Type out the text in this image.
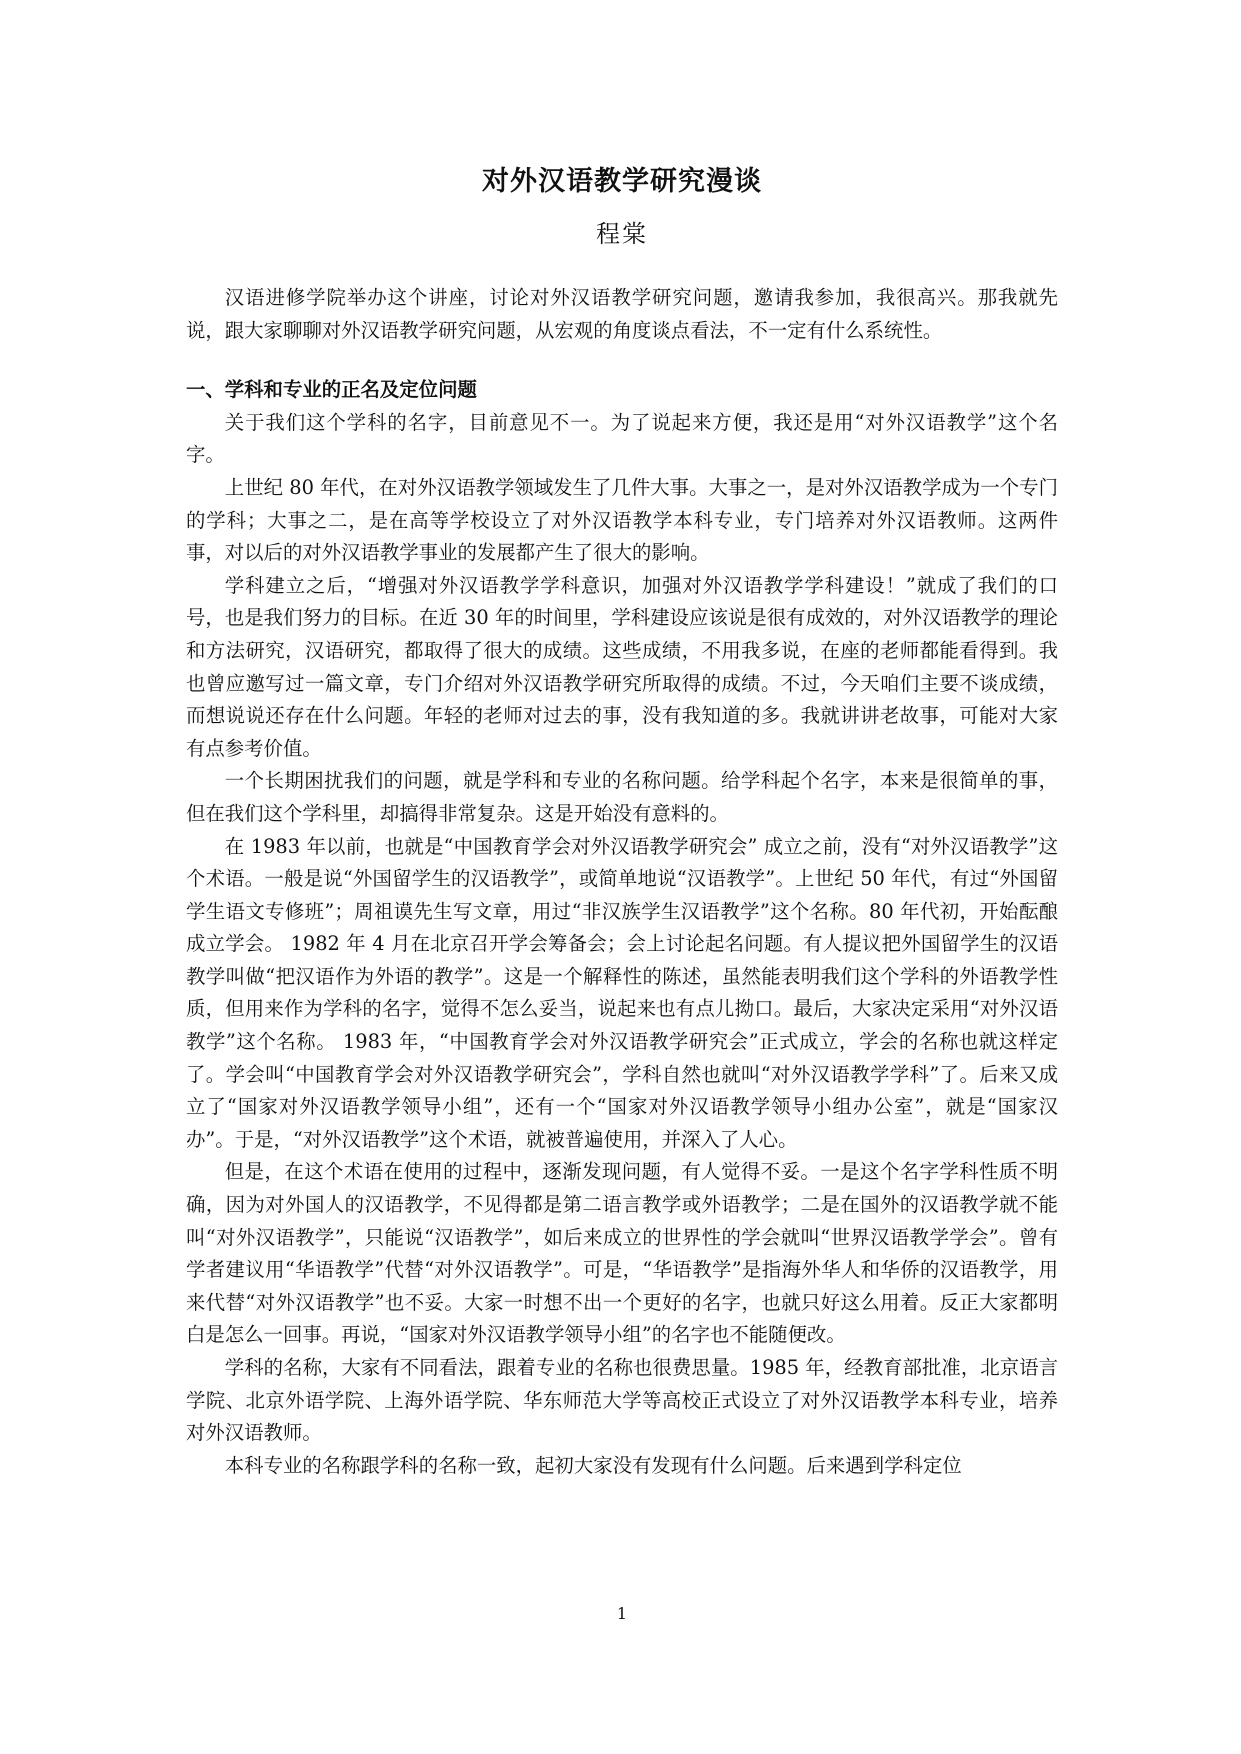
对外汉语教学研究漫谈
程棠

汉语进修学院举办这个讲座，讨论对外汉语教学研究问题，邀请我参加，我很高兴。那我就先说，跟大家聊聊对外汉语教学研究问题，从宏观的角度谈点看法，不一定有什么系统性。

一、学科和专业的正名及定位问题

关于我们这个学科的名字，目前意见不一。为了说起来方便，我还是用“对外汉语教学”这个名字。

上世纪 80 年代，在对外汉语教学领域发生了几件大事。大事之一，是对外汉语教学成为一个专门的学科；大事之二，是在高等学校设立了对外汉语教学本科专业，专门培养对外汉语教师。这两件事，对以后的对外汉语教学事业的发展都产生了很大的影响。

学科建立之后，“增强对外汉语教学学科意识，加强对外汉语教学学科建设！”就成了我们的口号，也是我们努力的目标。在近 30 年的时间里，学科建设应该说是很有成效的，对外汉语教学的理论和方法研究，汉语研究，都取得了很大的成绩。这些成绩，不用我多说，在座的老师都能看得到。我也曾应邀写过一篇文章，专门介绍对外汉语教学研究所取得的成绩。不过，今天咱们主要不谈成绩，而想说说还存在什么问题。年轻的老师对过去的事，没有我知道的多。我就讲讲老故事，可能对大家有点参考价值。

一个长期困扰我们的问题，就是学科和专业的名称问题。给学科起个名字，本来是很简单的事，但在我们这个学科里，却搞得非常复杂。这是开始没有意料的。

在 1983 年以前，也就是“中国教育学会对外汉语教学研究会” 成立之前，没有“对外汉语教学”这个术语。一般是说“外国留学生的汉语教学”，或简单地说“汉语教学”。上世纪 50 年代，有过“外国留学生语文专修班”；周祖谟先生写文章，用过“非汉族学生汉语教学”这个名称。80 年代初，开始酝酿成立学会。 1982 年 4 月在北京召开学会筹备会；会上讨论起名问题。有人提议把外国留学生的汉语教学叫做“把汉语作为外语的教学”。这是一个解释性的陈述，虽然能表明我们这个学科的外语教学性质，但用来作为学科的名字，觉得不怎么妥当，说起来也有点儿拗口。最后，大家决定采用“对外汉语教学”这个名称。 1983 年，“中国教育学会对外汉语教学研究会”正式成立，学会的名称也就这样定了。学会叫“中国教育学会对外汉语教学研究会”，学科自然也就叫“对外汉语教学学科”了。后来又成立了“国家对外汉语教学领导小组”，还有一个“国家对外汉语教学领导小组办公室”，就是“国家汉办”。于是，“对外汉语教学”这个术语，就被普遍使用，并深入了人心。

但是，在这个术语在使用的过程中，逐渐发现问题，有人觉得不妥。一是这个名字学科性质不明确，因为对外国人的汉语教学，不见得都是第二语言教学或外语教学；二是在国外的汉语教学就不能叫“对外汉语教学”，只能说“汉语教学”，如后来成立的世界性的学会就叫“世界汉语教学学会”。曾有学者建议用“华语教学”代替“对外汉语教学”。可是，“华语教学”是指海外华人和华侨的汉语教学，用来代替“对外汉语教学”也不妥。大家一时想不出一个更好的名字，也就只好这么用着。反正大家都明白是怎么一回事。再说，“国家对外汉语教学领导小组”的名字也不能随便改。

学科的名称，大家有不同看法，跟着专业的名称也很费思量。1985 年，经教育部批准，北京语言学院、北京外语学院、上海外语学院、华东师范大学等高校正式设立了对外汉语教学本科专业，培养对外汉语教师。

本科专业的名称跟学科的名称一致，起初大家没有发现有什么问题。后来遇到学科定位

1
